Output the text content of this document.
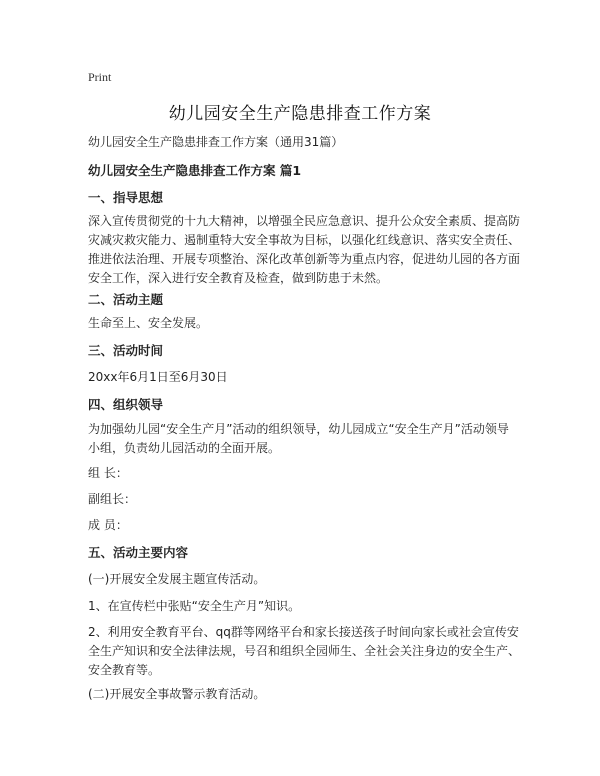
Print
幼儿园安全生产隐患排查工作方案

幼儿园安全生产隐患排查工作方案（通用31篇）

幼儿园安全生产隐患排查工作方案 篇1

一、指导思想

深入宣传贯彻党的十九大精神，以增强全民应急意识、提升公众安全素质、提高防灾减灾救灾能力、遏制重特大安全事故为目标，以强化红线意识、落实安全责任、推进依法治理、开展专项整治、深化改革创新等为重点内容，促进幼儿园的各方面安全工作，深入进行安全教育及检查，做到防患于未然。

二、活动主题

生命至上、安全发展。

三、活动时间

20xx年6月1日至6月30日

四、组织领导

为加强幼儿园“安全生产月”活动的组织领导，幼儿园成立“安全生产月”活动领导小组，负责幼儿园活动的全面开展。

组 长：

副组长：

成 员：

五、活动主要内容

(一)开展安全发展主题宣传活动。

1、在宣传栏中张贴“安全生产月”知识。

2、利用安全教育平台、qq群等网络平台和家长接送孩子时间向家长或社会宣传安全生产知识和安全法律法规，号召和组织全园师生、全社会关注身边的安全生产、安全教育等。

(二)开展安全事故警示教育活动。
